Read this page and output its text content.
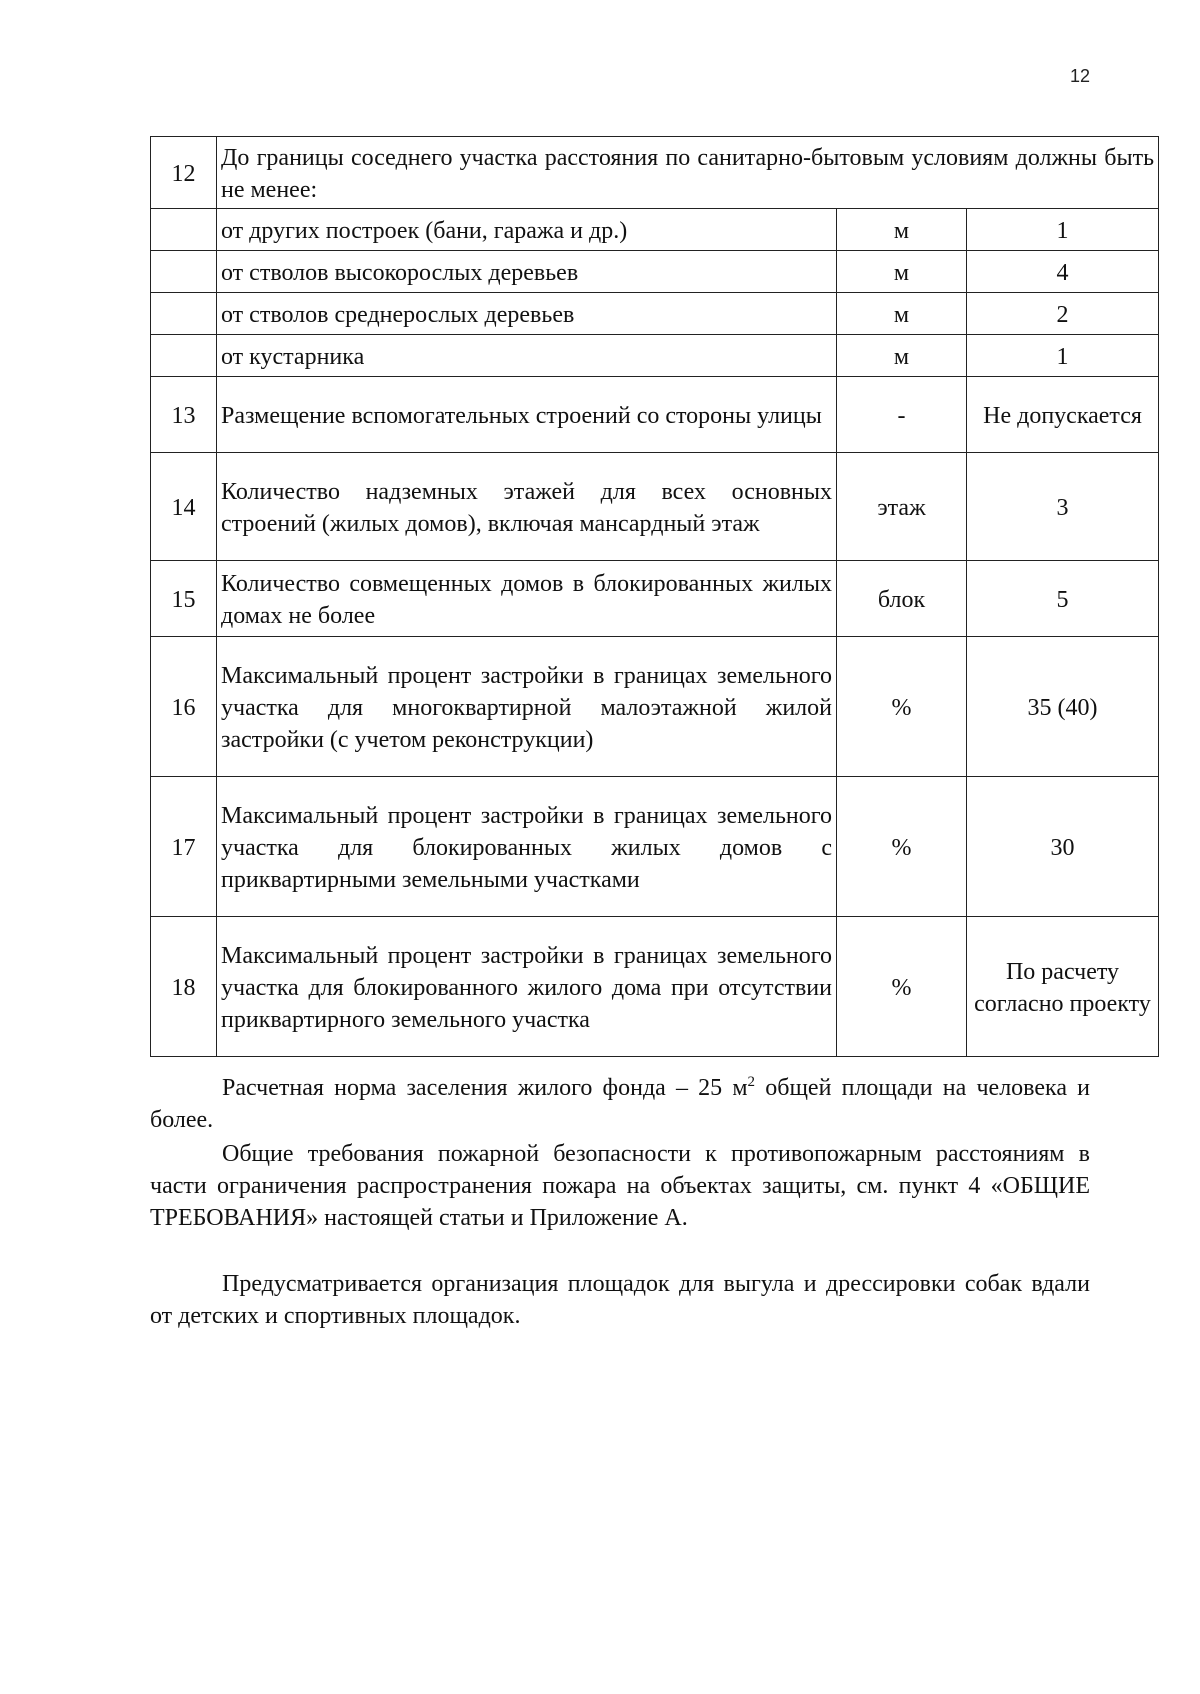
12
12	До границы соседнего участка расстояния по санитарно-бытовым условиям должны быть не менее:		
	от других построек (бани, гаража и др.)	м	1
	от стволов высокорослых деревьев	м	4
	от стволов среднерослых деревьев	м	2
	от кустарника	м	1
13	Размещение вспомогательных строений со стороны улицы	-	Не допускается
14	Количество надземных этажей для всех основных строений (жилых домов), включая мансардный этаж	этаж	3
15	Количество совмещенных домов в блокированных жилых домах не более	блок	5
16	Максимальный процент застройки в границах земельного участка для многоквартирной малоэтажной жилой застройки (с учетом реконструкции)	%	35 (40)
17	Максимальный процент застройки в границах земельного участка для блокированных жилых домов с приквартирными земельными участками	%	30
18	Максимальный процент застройки в границах земельного участка для блокированного жилого дома при отсутствии приквартирного земельного участка	%	По расчету согласно проекту

Расчетная норма заселения жилого фонда – 25 $м^2$ общей площади на человека и более.

Общие требования пожарной безопасности к противопожарным расстояниям в части ограничения распространения пожара на объектах защиты, см. пункт 4 «ОБЩИЕ ТРЕБОВАНИЯ» настоящей статьи и Приложение А.

Предусматривается организация площадок для выгула и дрессировки собак вдали от детских и спортивных площадок.
